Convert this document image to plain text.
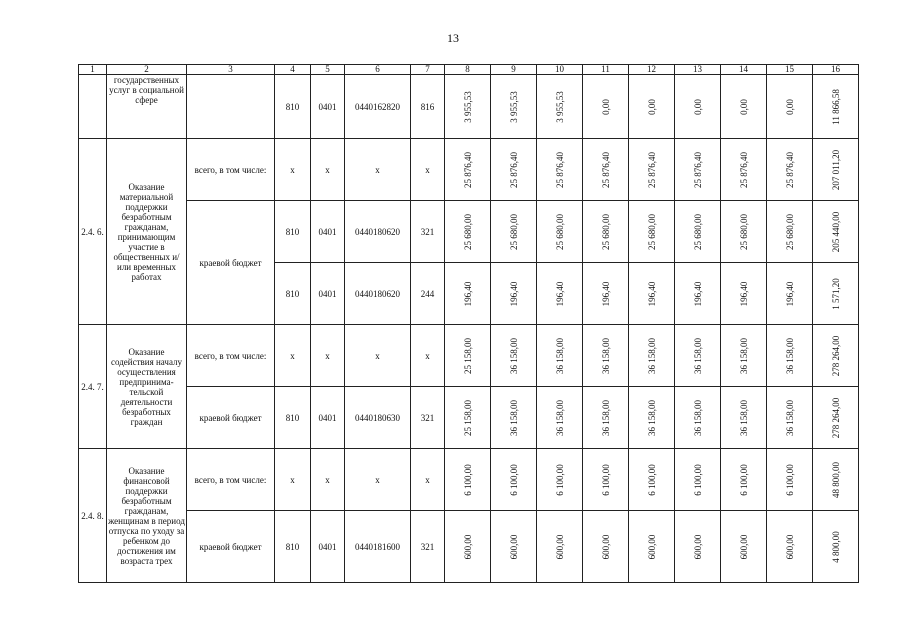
13
1	2	3	4	5	6	7	8	9	10	11	12	13	14	15	16
	государственных услуг в социальной сфере		810	0401	0440162820	816	3 955,53	3 955,53	3 955,53	0,00	0,00	0,00	0,00	0,00	11 866,58

2.4. 6.	Оказание материальной поддержки безработным гражданам, принимающим участие в общественных и/или временных работах	всего, в том числе:	х	х	х	х	25 876,40	25 876,40	25 876,40	25 876,40	25 876,40	25 876,40	25 876,40	25 876,40	207 011,20

		краевой бюджет	810	0401	0440180620	321	25 680,00	25 680,00	25 680,00	25 680,00	25 680,00	25 680,00	25 680,00	25 680,00	205 440,00

			810	0401	0440180620	244	196,40	196,40	196,40	196,40	196,40	196,40	196,40	196,40	1 571,20

2.4. 7.	Оказание содействия началу осуществления предпринима-тельской деятельности безработных граждан	всего, в том числе:	х	х	х	х	25 158,00	36 158,00	36 158,00	36 158,00	36 158,00	36 158,00	36 158,00	36 158,00	278 264,00

		краевой бюджет	810	0401	0440180630	321	25 158,00	36 158,00	36 158,00	36 158,00	36 158,00	36 158,00	36 158,00	36 158,00	278 264,00

2.4. 8.	Оказание финансовой поддержки безработным гражданам, женщинам в период отпуска по уходу за ребенком до достижения им возраста трех	всего, в том числе:	х	х	х	х	6 100,00	6 100,00	6 100,00	6 100,00	6 100,00	6 100,00	6 100,00	6 100,00	48 800,00

		краевой бюджет	810	0401	0440181600	321	600,00	600,00	600,00	600,00	600,00	600,00	600,00	600,00	4 800,00
